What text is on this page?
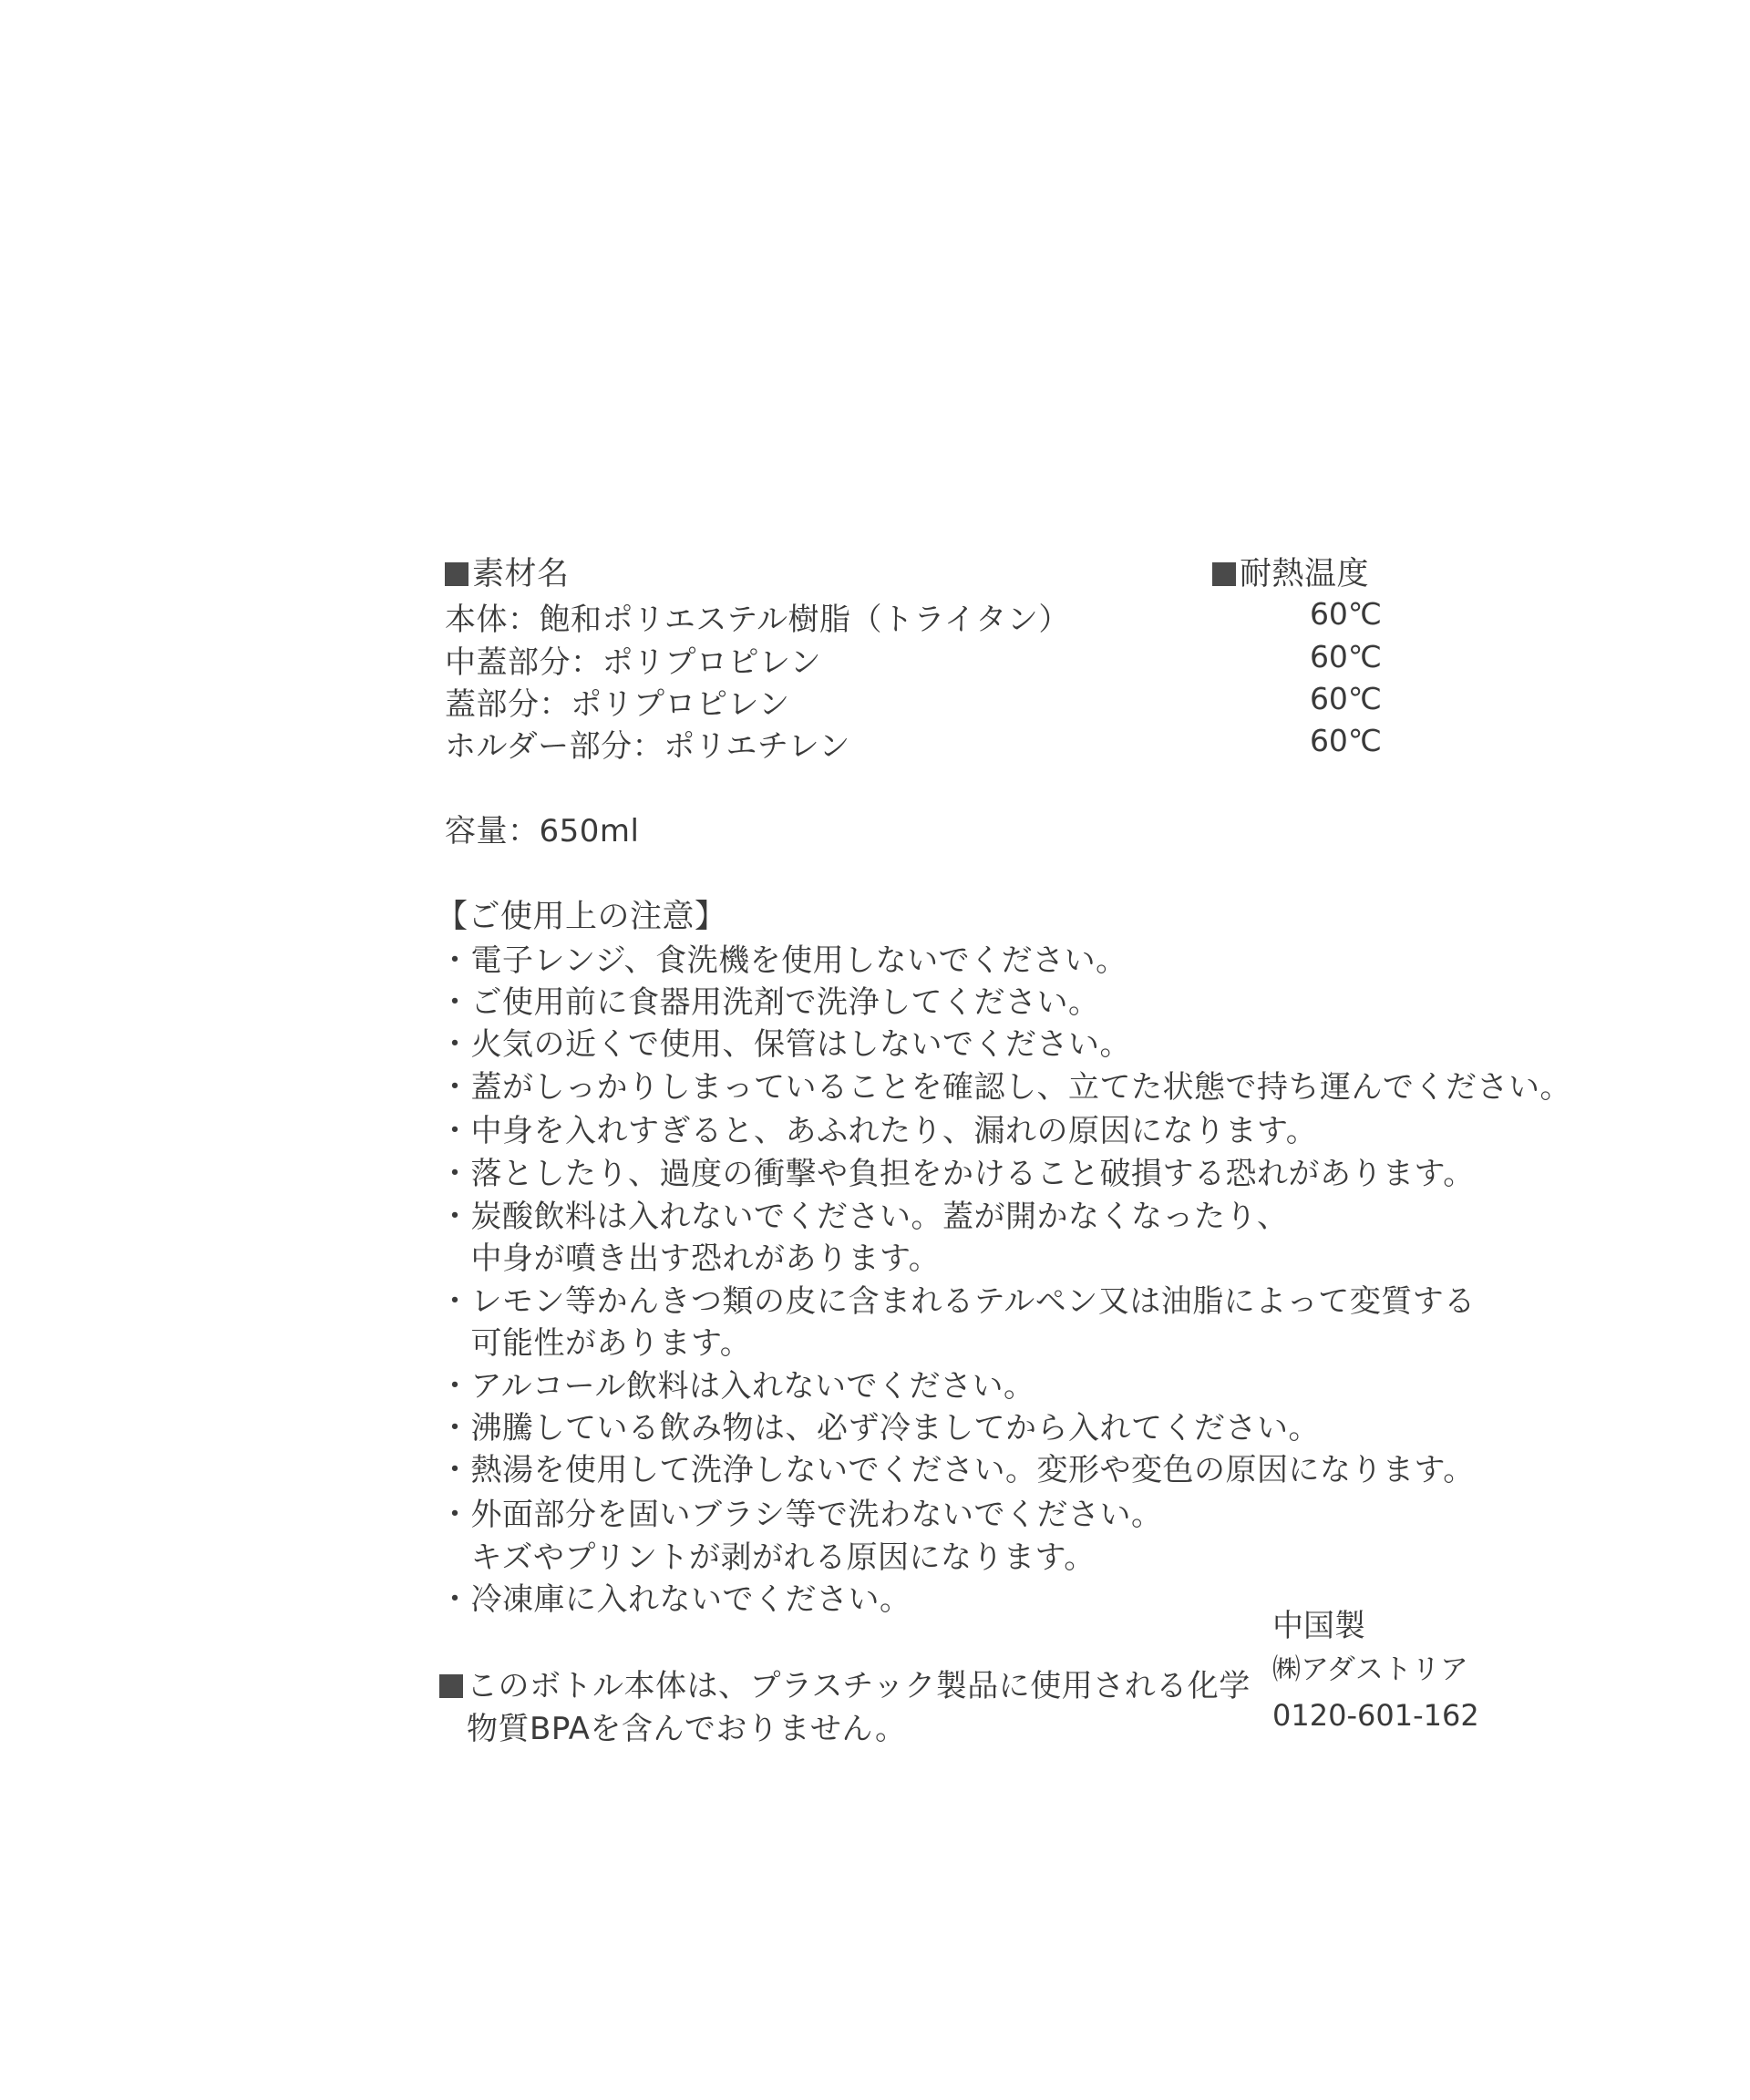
素材名	耐熱温度
本体：飽和ポリエステル樹脂（トライタン）	60℃
中蓋部分：ポリプロピレン	60℃
蓋部分：ポリプロピレン	60℃
ホルダー部分：ポリエチレン	60℃
容量：650ml
【ご使用上の注意】
・電子レンジ、食洗機を使用しないでください。
・ご使用前に食器用洗剤で洗浄してください。
・火気の近くで使用、保管はしないでください。
・蓋がしっかりしまっていることを確認し、立てた状態で持ち運んでください。
・中身を入れすぎると、あふれたり、漏れの原因になります。
・落としたり、過度の衝撃や負担をかけること破損する恐れがあります。
・炭酸飲料は入れないでください。蓋が開かなくなったり、
　中身が噴き出す恐れがあります。
・レモン等かんきつ類の皮に含まれるテルペン又は油脂によって変質する
　可能性があります。
・アルコール飲料は入れないでください。
・沸騰している飲み物は、必ず冷ましてから入れてください。
・熱湯を使用して洗浄しないでください。変形や変色の原因になります。
・外面部分を固いブラシ等で洗わないでください。
　キズやプリントが剥がれる原因になります。
・冷凍庫に入れないでください。
中国製
㈱アダストリア
0120-601-162
このボトル本体は、プラスチック製品に使用される化学
物質BPAを含んでおりません。
